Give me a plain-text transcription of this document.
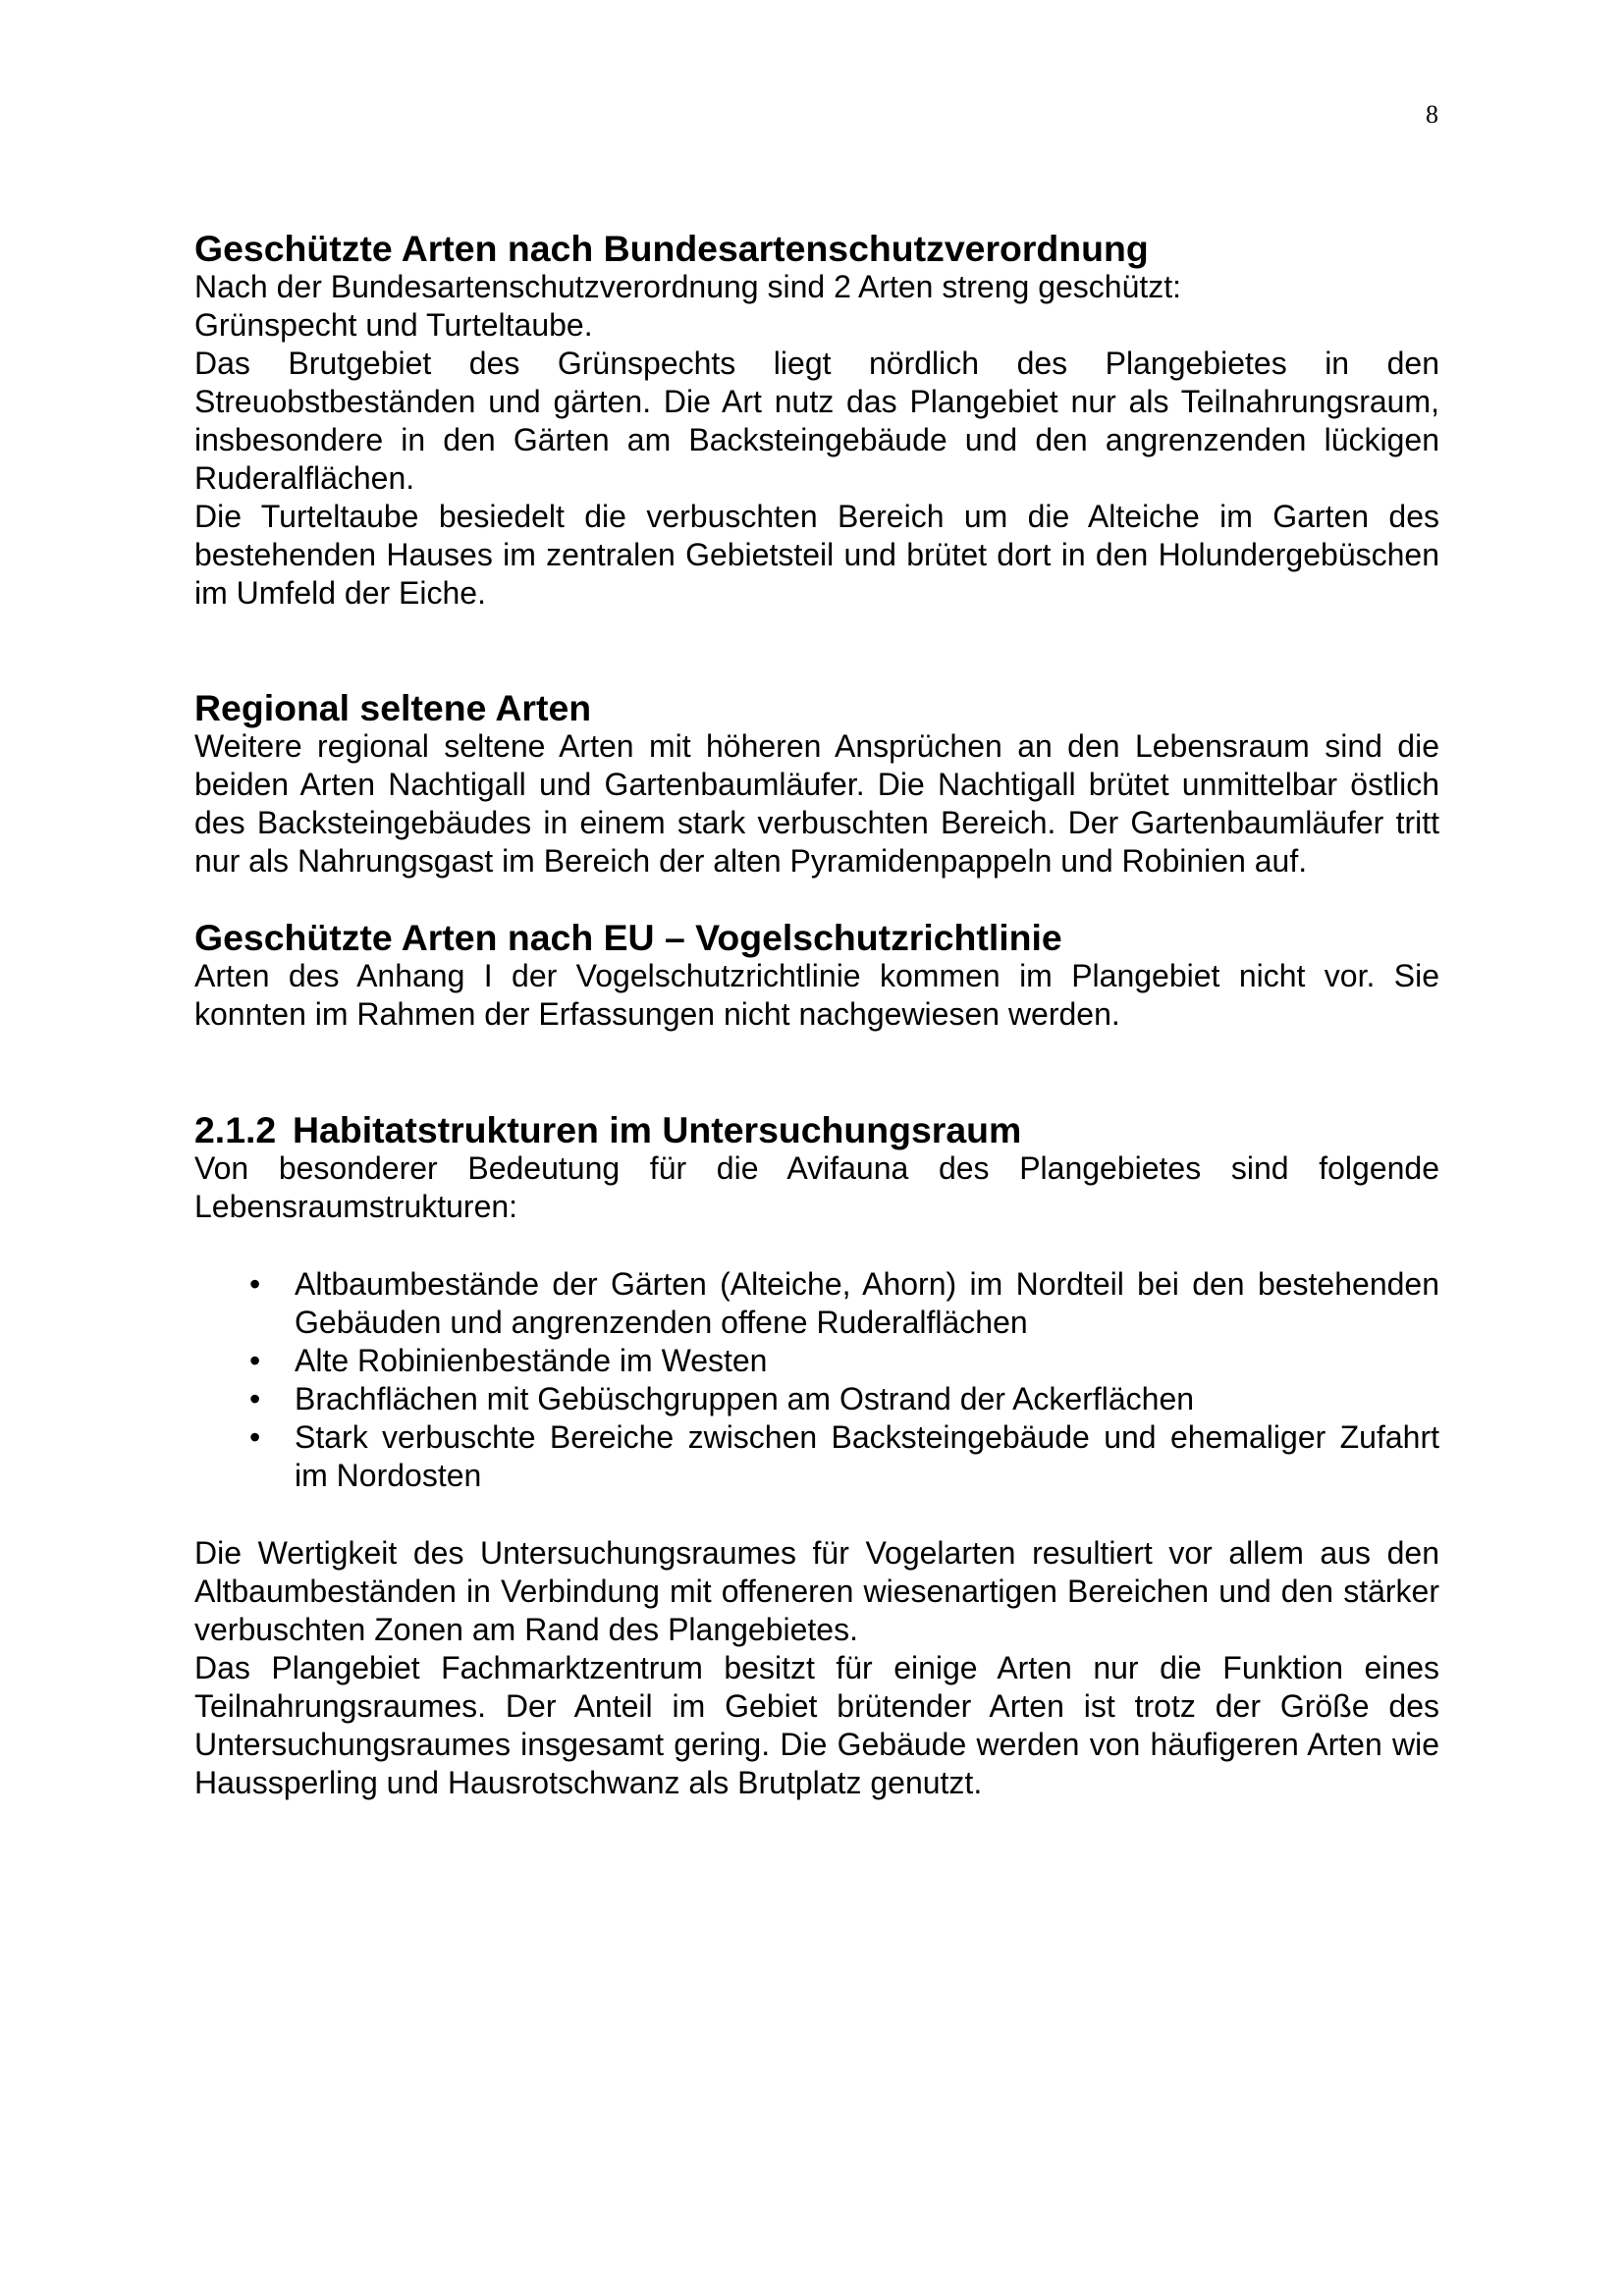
8
Geschützte Arten nach Bundesartenschutzverordnung

Nach der Bundesartenschutzverordnung sind 2 Arten streng geschützt:

Grünspecht und Turteltaube.

Das Brutgebiet des Grünspechts liegt nördlich des Plangebietes in den Streuobstbeständen und gärten. Die Art nutz das Plangebiet nur als Teilnahrungsraum, insbesondere in den Gärten am Backsteingebäude und den angrenzenden lückigen Ruderalflächen.

Die Turteltaube besiedelt die verbuschten Bereich um die Alteiche im Garten des bestehenden Hauses im zentralen Gebietsteil und brütet dort in den Holundergebüschen im Umfeld der Eiche.

Regional seltene Arten

Weitere regional seltene Arten mit höheren Ansprüchen an den Lebensraum sind die beiden Arten Nachtigall und Gartenbaumläufer. Die Nachtigall brütet unmittelbar östlich des Backsteingebäudes in einem stark verbuschten Bereich. Der Gartenbaumläufer tritt nur als Nahrungsgast im Bereich der alten Pyramidenpappeln und Robinien auf.

Geschützte Arten nach EU – Vogelschutzrichtlinie

Arten des Anhang I der Vogelschutzrichtlinie kommen im Plangebiet nicht vor. Sie konnten im Rahmen der Erfassungen nicht nachgewiesen werden.

2.1.2 Habitatstrukturen im Untersuchungsraum

Von besonderer Bedeutung für die Avifauna des Plangebietes sind folgende Lebensraumstrukturen:

• Altbaumbestände der Gärten (Alteiche, Ahorn) im Nordteil bei den bestehenden Gebäuden und angrenzenden offene Ruderalflächen
• Alte Robinienbestände im Westen
• Brachflächen mit Gebüschgruppen am Ostrand der Ackerflächen
• Stark verbuschte Bereiche zwischen Backsteingebäude und ehemaliger Zufahrt im Nordosten

Die Wertigkeit des Untersuchungsraumes für Vogelarten resultiert vor allem aus den Altbaumbeständen in Verbindung mit offeneren wiesenartigen Bereichen und den stärker verbuschten Zonen am Rand des Plangebietes.

Das Plangebiet Fachmarktzentrum besitzt für einige Arten nur die Funktion eines Teilnahrungsraumes. Der Anteil im Gebiet brütender Arten ist trotz der Größe des Untersuchungsraumes insgesamt gering. Die Gebäude werden von häufigeren Arten wie Haussperling und Hausrotschwanz als Brutplatz genutzt.
